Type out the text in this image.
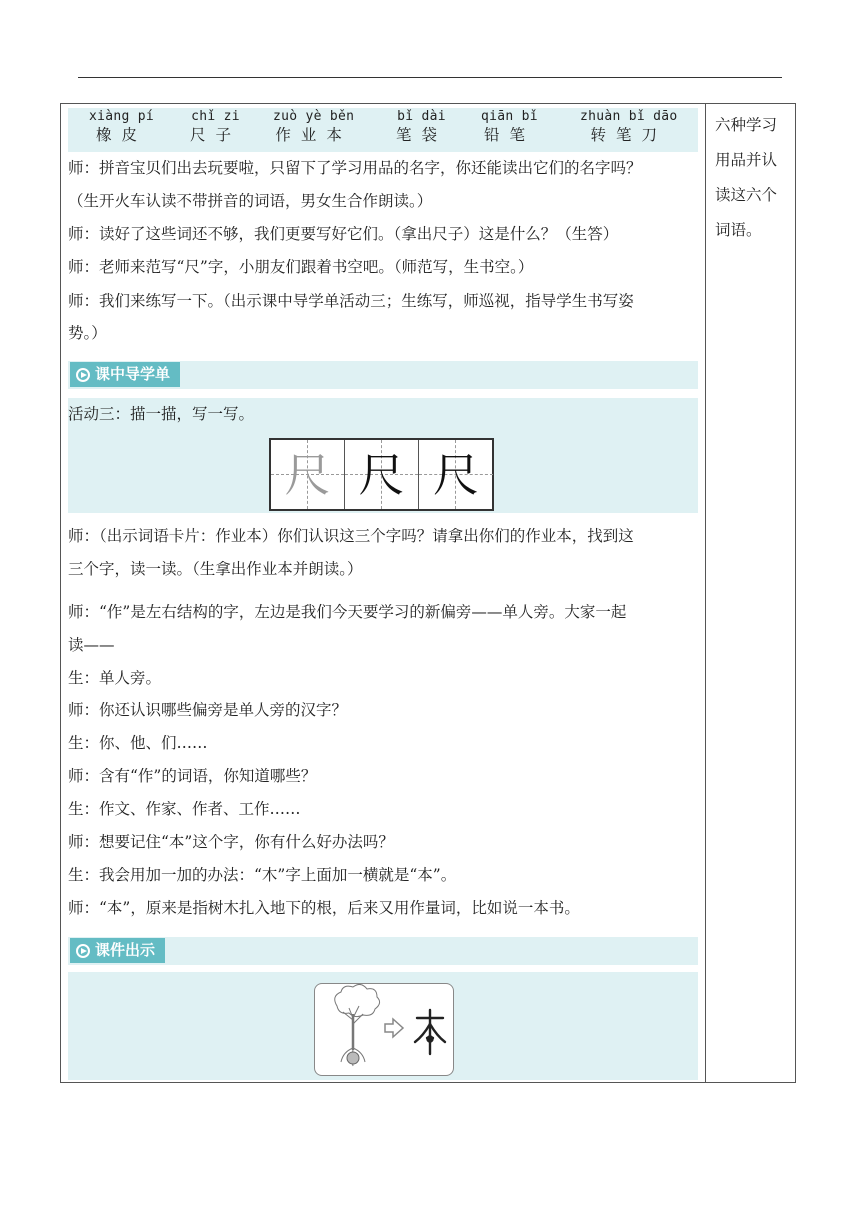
xiàng pí
橡皮
chǐ zi
尺子
zuò yè běn
作业本
bǐ dài
笔袋
qiān bǐ
铅笔
zhuàn bǐ dāo
转笔刀
师：拼音宝贝们出去玩要啦，只留下了学习用品的名字，你还能读出它们的名字吗？
（生开火车认读不带拼音的词语，男女生合作朗读。）
师：读好了这些词还不够，我们更要写好它们。（拿出尺子）这是什么？（生答）
师：老师来范写“尺”字，小朋友们跟着书空吧。（师范写，生书空。）
师：我们来练写一下。（出示课中导学单活动三；生练写，师巡视，指导学生书写姿
势。）
课中导学单
活动三：描一描，写一写。
尺 尺 尺
师：（出示词语卡片：作业本）你们认识这三个字吗？请拿出你们的作业本，找到这
三个字，读一读。（生拿出作业本并朗读。）
师：“作”是左右结构的字，左边是我们今天要学习的新偏旁——单人旁。大家一起
读——
生：单人旁。
师：你还认识哪些偏旁是单人旁的汉字？
生：你、他、们……
师：含有“作”的词语，你知道哪些？
生：作文、作家、作者、工作……
师：想要记住“本”这个字，你有什么好办法吗？
生：我会用加一加的办法：“木”字上面加一横就是“本”。
师：“本”，原来是指树木扎入地下的根，后来又用作量词，比如说一本书。
课件出示
六种学习
用品并认
读这六个
词语。
